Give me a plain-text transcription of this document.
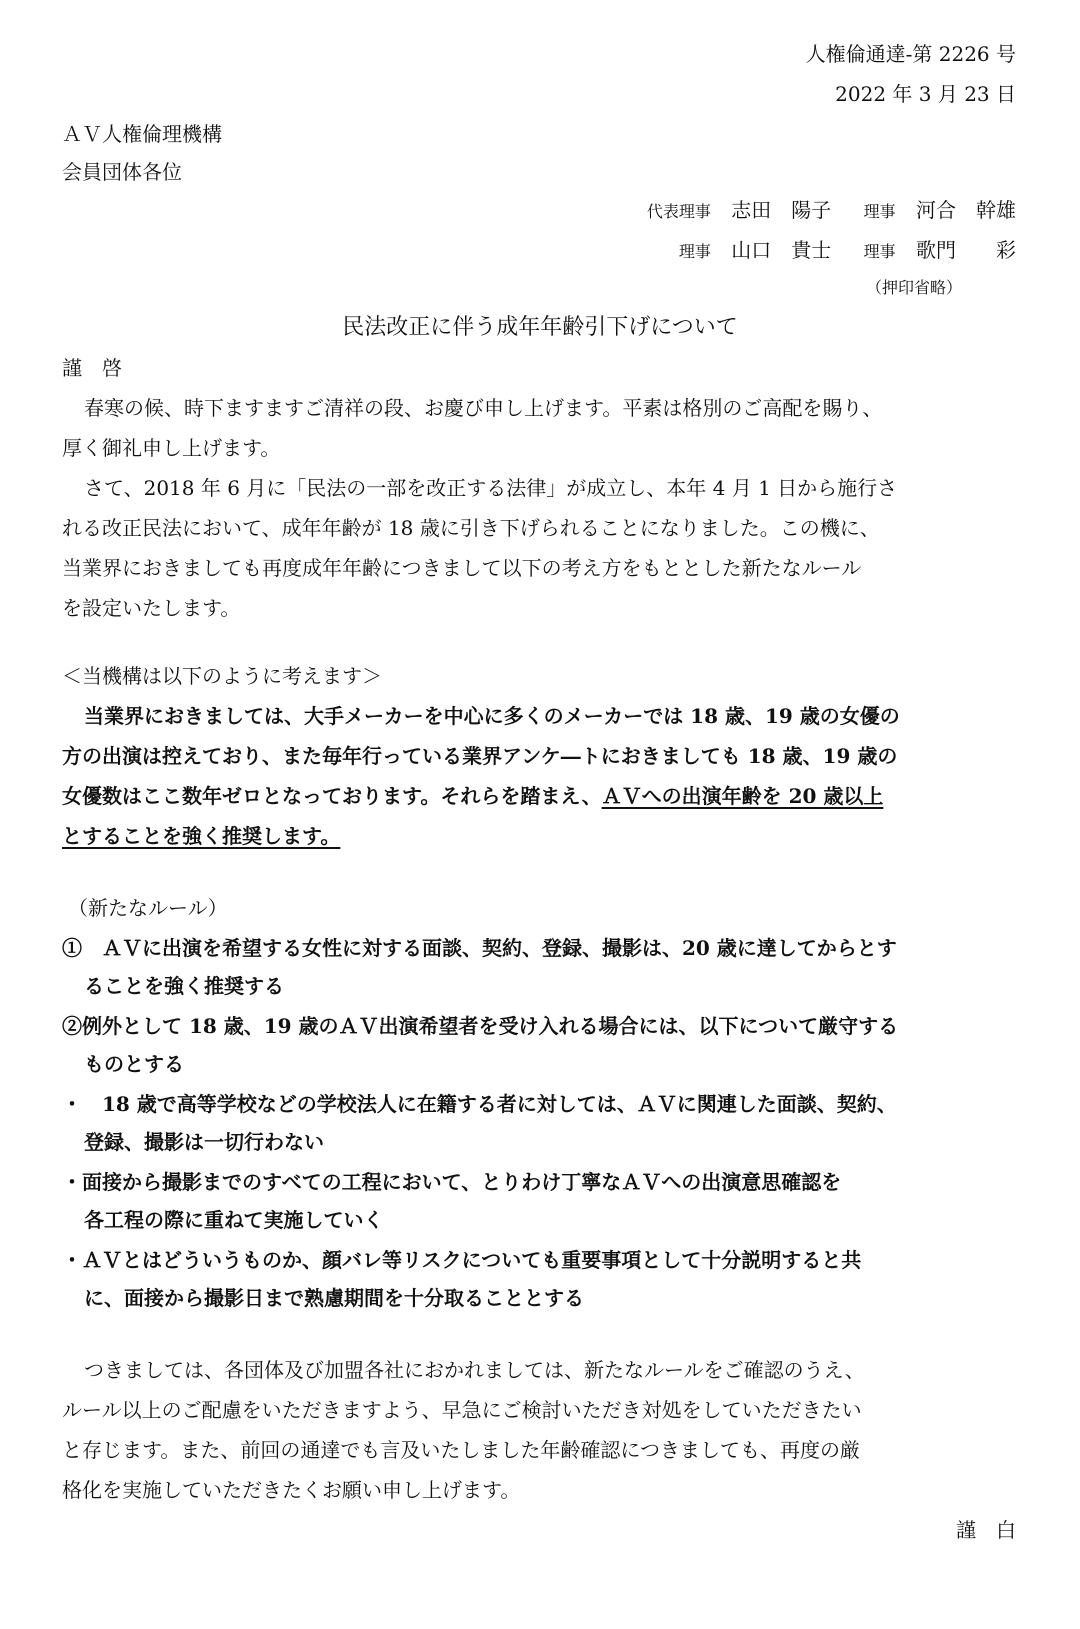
人権倫通達-第 2226 号
2022 年 3 月 23 日
ＡＶ人権倫理機構
会員団体各位
代表理事 志田　陽子 理事 河合　幹雄
理事 山口　貴士 理事 歌門　　彩
（押印省略）
民法改正に伴う成年年齢引下げについて
謹　啓
春寒の候、時下ますますご清祥の段、お慶び申し上げます。平素は格別のご高配を賜り、
厚く御礼申し上げます。
さて、2018 年 6 月に「民法の一部を改正する法律」が成立し、本年 4 月 1 日から施行さ
れる改正民法において、成年年齢が 18 歳に引き下げられることになりました。この機に、
当業界におきましても再度成年年齢につきまして以下の考え方をもととした新たなルール
を設定いたします。
＜当機構は以下のように考えます＞
当業界におきましては、大手メーカーを中心に多くのメーカーでは 18 歳、19 歳の女優の
方の出演は控えており、また毎年行っている業界アンケ―トにおきましても 18 歳、19 歳の
女優数はここ数年ゼロとなっております。それらを踏まえ、ＡＶへの出演年齢を 20 歳以上
とすることを強く推奨します。
（新たなルール）
①　ＡＶに出演を希望する女性に対する面談、契約、登録、撮影は、20 歳に達してからとす
ることを強く推奨する
②例外として 18 歳、19 歳のＡＶ出演希望者を受け入れる場合には、以下について厳守する
ものとする
・　18 歳で高等学校などの学校法人に在籍する者に対しては、ＡＶに関連した面談、契約、
登録、撮影は一切行わない
・面接から撮影までのすべての工程において、とりわけ丁寧なＡＶへの出演意思確認を
各工程の際に重ねて実施していく
・ＡＶとはどういうものか、顔バレ等リスクについても重要事項として十分説明すると共
に、面接から撮影日まで熟慮期間を十分取ることとする
つきましては、各団体及び加盟各社におかれましては、新たなルールをご確認のうえ、
ルール以上のご配慮をいただきますよう、早急にご検討いただき対処をしていただきたい
と存じます。また、前回の通達でも言及いたしました年齢確認につきましても、再度の厳
格化を実施していただきたくお願い申し上げます。
謹　白
